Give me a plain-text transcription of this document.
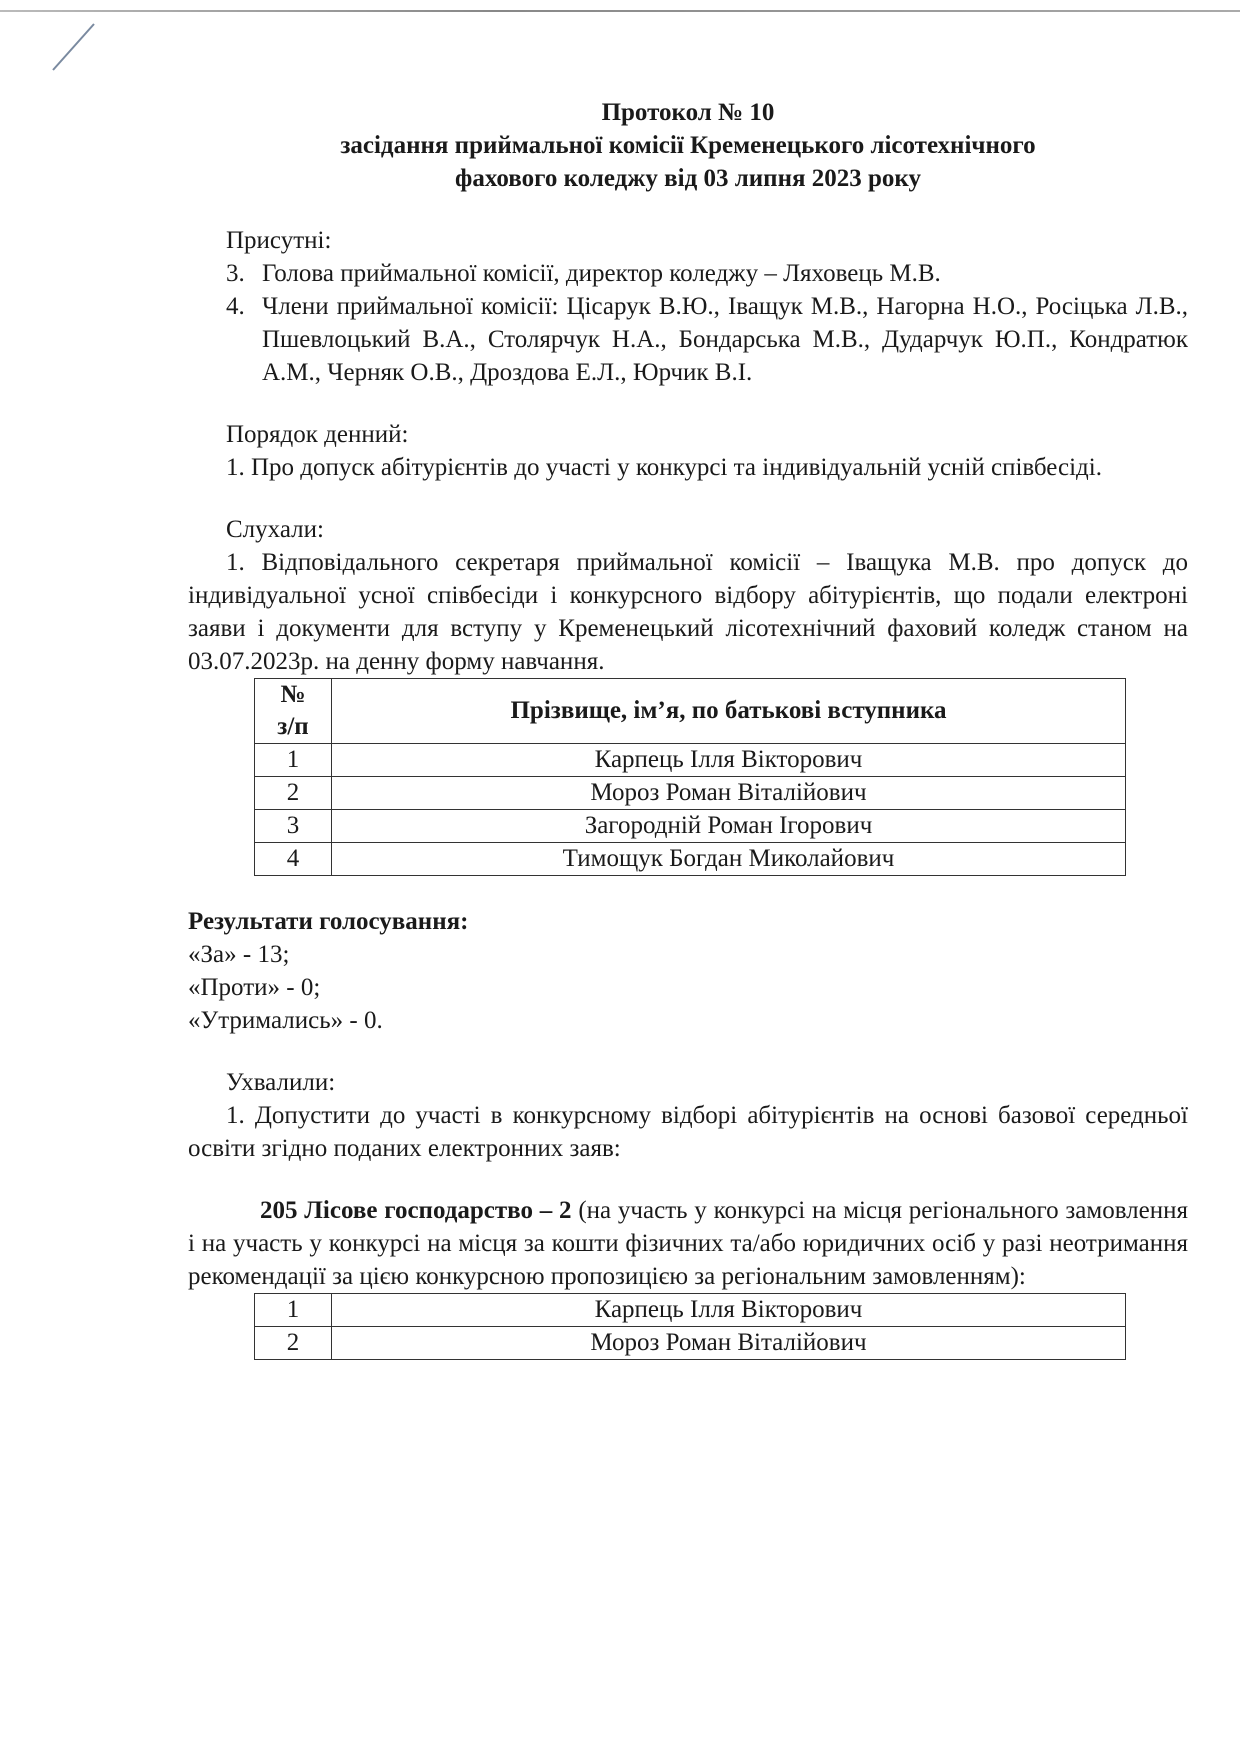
Протокол № 10
засідання приймальної комісії Кременецького лісотехнічного
фахового коледжу від 03 липня 2023 року
Присутні:
3. Голова приймальної комісії, директор коледжу – Ляховець М.В.
4. Члени приймальної комісії: Цісарук В.Ю., Іващук М.В., Нагорна Н.О., Росіцька Л.В., Пшевлоцький В.А., Столярчук Н.А., Бондарська М.В., Дударчук Ю.П., Кондратюк А.М., Черняк О.В., Дроздова Е.Л., Юрчик В.І.
Порядок денний:
1. Про допуск абітурієнтів до участі у конкурсі та індивідуальній усній співбесіді.
Слухали:
1. Відповідального секретаря приймальної комісії – Іващука М.В. про допуск до індивідуальної усної співбесіди і конкурсного відбору абітурієнтів, що подали електроні заяви і документи для вступу у Кременецький лісотехнічний фаховий коледж станом на 03.07.2023р. на денну форму навчання.
№
з/п	Прізвище, ім’я, по батькові вступника
1	Карпець Ілля Вікторович
2	Мороз Роман Віталійович
3	Загородній Роман Ігорович
4	Тимощук Богдан Миколайович
Результати голосування:
«За» - 13;
«Проти» - 0;
«Утримались» - 0.
Ухвалили:
1. Допустити до участі в конкурсному відборі абітурієнтів на основі базової середньої освіти згідно поданих електронних заяв:
205 Лісове господарство – 2 (на участь у конкурсі на місця регіонального замовлення і на участь у конкурсі на місця за кошти фізичних та/або юридичних осіб у разі неотримання рекомендації за цією конкурсною пропозицією за регіональним замовленням):
1	Карпець Ілля Вікторович
2	Мороз Роман Віталійович
